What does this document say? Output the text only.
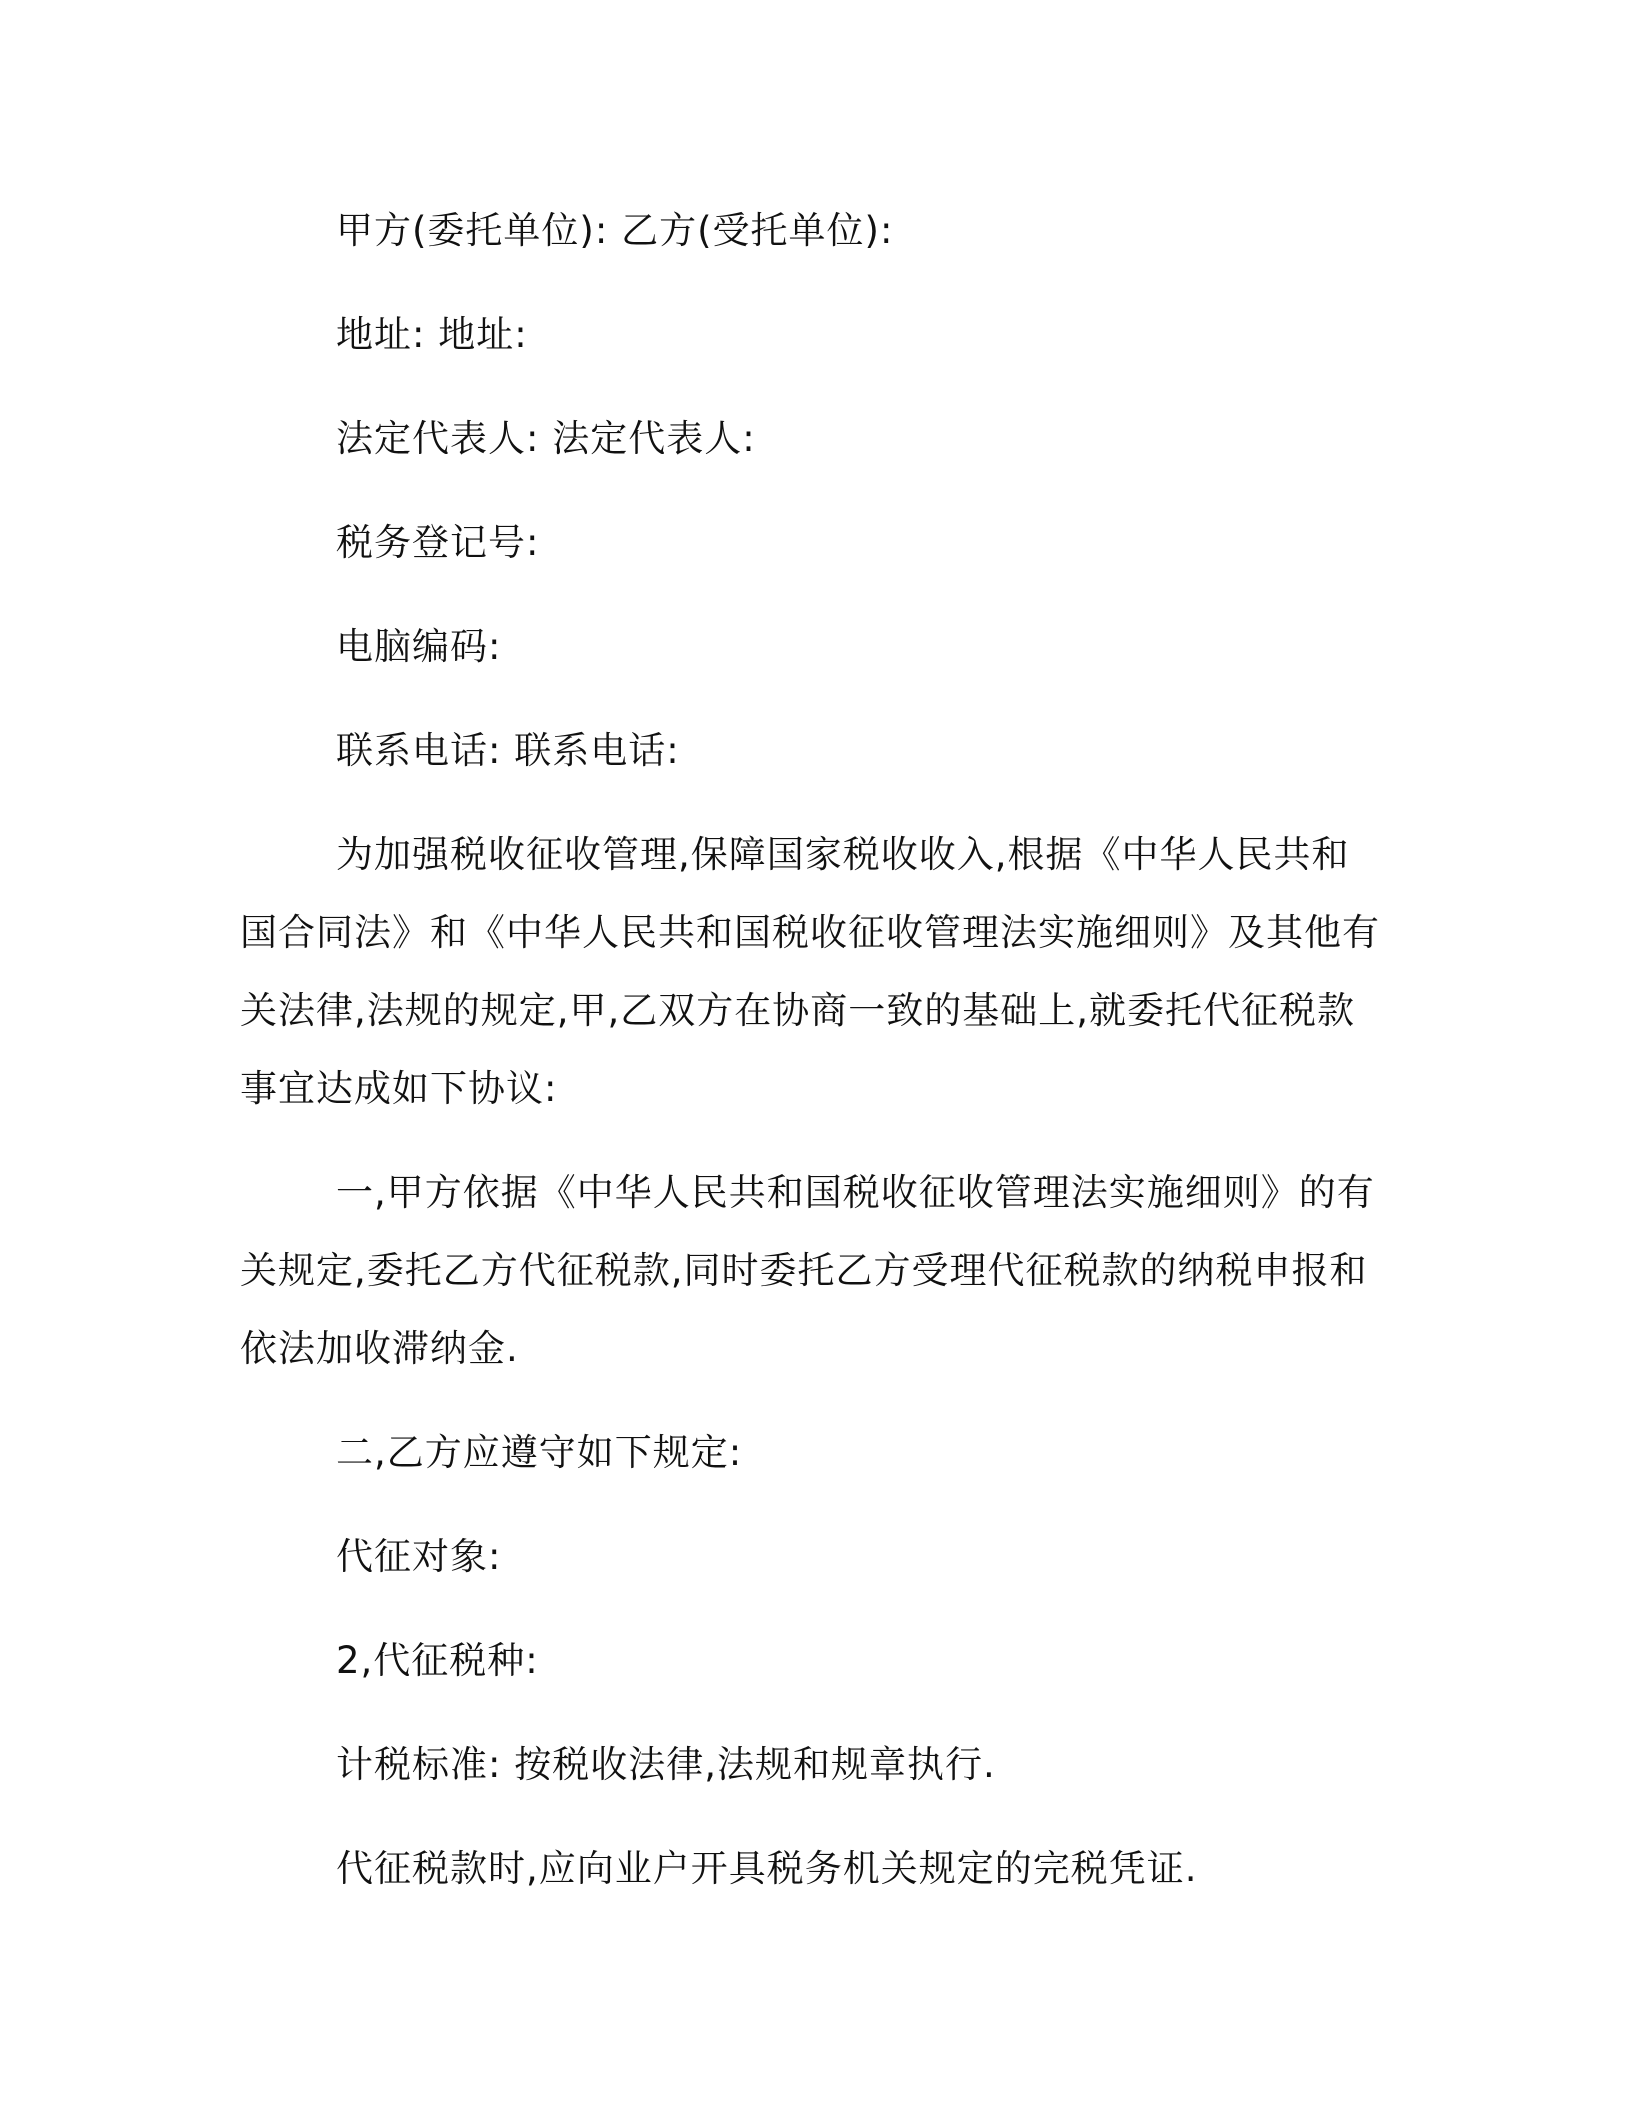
甲方(委托单位): 乙方(受托单位):
地址: 地址:
法定代表人: 法定代表人:
税务登记号:
电脑编码:
联系电话: 联系电话:
为加强税收征收管理,保障国家税收收入,根据《中华人民共和国合同法》和《中华人民共和国税收征收管理法实施细则》及其他有关法律,法规的规定,甲,乙双方在协商一致的基础上,就委托代征税款事宜达成如下协议:
一,甲方依据《中华人民共和国税收征收管理法实施细则》的有关规定,委托乙方代征税款,同时委托乙方受理代征税款的纳税申报和依法加收滞纳金.
二,乙方应遵守如下规定:
代征对象:
2,代征税种:
计税标准: 按税收法律,法规和规章执行.
代征税款时,应向业户开具税务机关规定的完税凭证.
